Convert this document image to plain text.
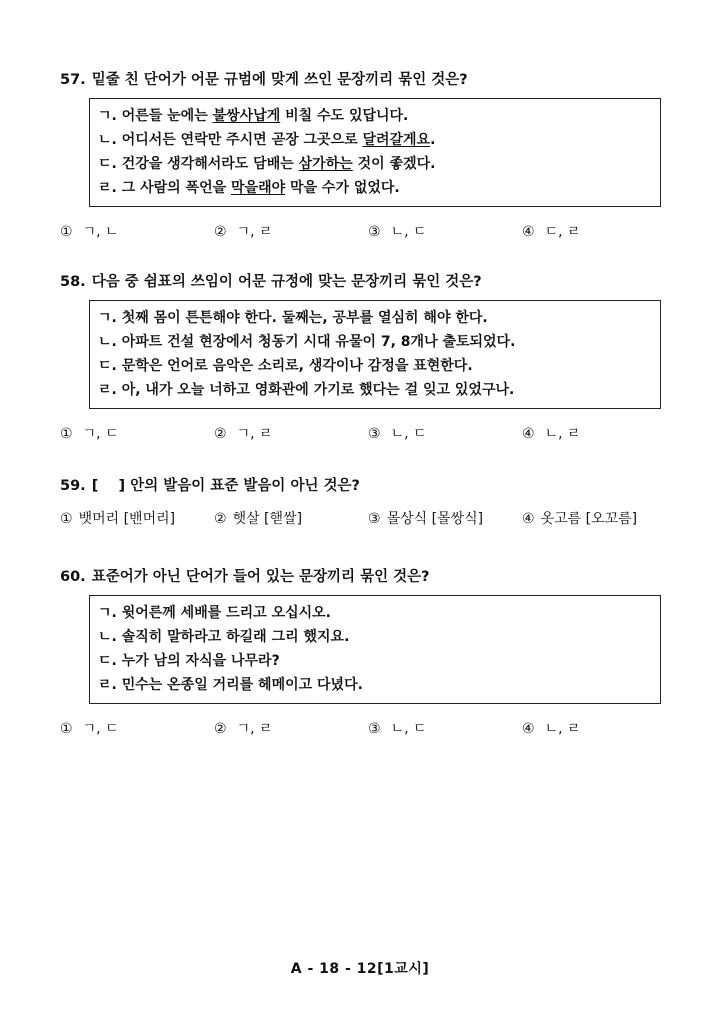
57. 밑줄 친 단어가 어문 규범에 맞게 쓰인 문장끼리 묶인 것은?
ㄱ. 어른들 눈에는 불쌍사납게 비칠 수도 있답니다.
ㄴ. 어디서든 연락만 주시면 곧장 그곳으로 달려갈게요.
ㄷ. 건강을 생각해서라도 담배는 삼가하는 것이 좋겠다.
ㄹ. 그 사람의 폭언을 막을래야 막을 수가 없었다.
① ㄱ, ㄴ	② ㄱ, ㄹ	③ ㄴ, ㄷ	④ ㄷ, ㄹ
58. 다음 중 쉼표의 쓰임이 어문 규정에 맞는 문장끼리 묶인 것은?
ㄱ. 첫째 몸이 튼튼해야 한다. 둘째는, 공부를 열심히 해야 한다.
ㄴ. 아파트 건설 현장에서 청동기 시대 유물이 7, 8개나 출토되었다.
ㄷ. 문학은 언어로 음악은 소리로, 생각이나 감정을 표현한다.
ㄹ. 아, 내가 오늘 너하고 영화관에 가기로 했다는 걸 잊고 있었구나.
① ㄱ, ㄷ	② ㄱ, ㄹ	③ ㄴ, ㄷ	④ ㄴ, ㄹ
59. [    ] 안의 발음이 표준 발음이 아닌 것은?
① 뱃머리 [밴머리]	② 햇살 [핻쌀]	③ 몰상식 [몰쌍식]	④ 옷고름 [오꼬름]
60. 표준어가 아닌 단어가 들어 있는 문장끼리 묶인 것은?
ㄱ. 윗어른께 세배를 드리고 오십시오.
ㄴ. 솔직히 말하라고 하길래 그리 했지요.
ㄷ. 누가 남의 자식을 나무라?
ㄹ. 민수는 온종일 거리를 헤메이고 다녔다.
① ㄱ, ㄷ	② ㄱ, ㄹ	③ ㄴ, ㄷ	④ ㄴ, ㄹ
A - 18 - 12[1교시]
